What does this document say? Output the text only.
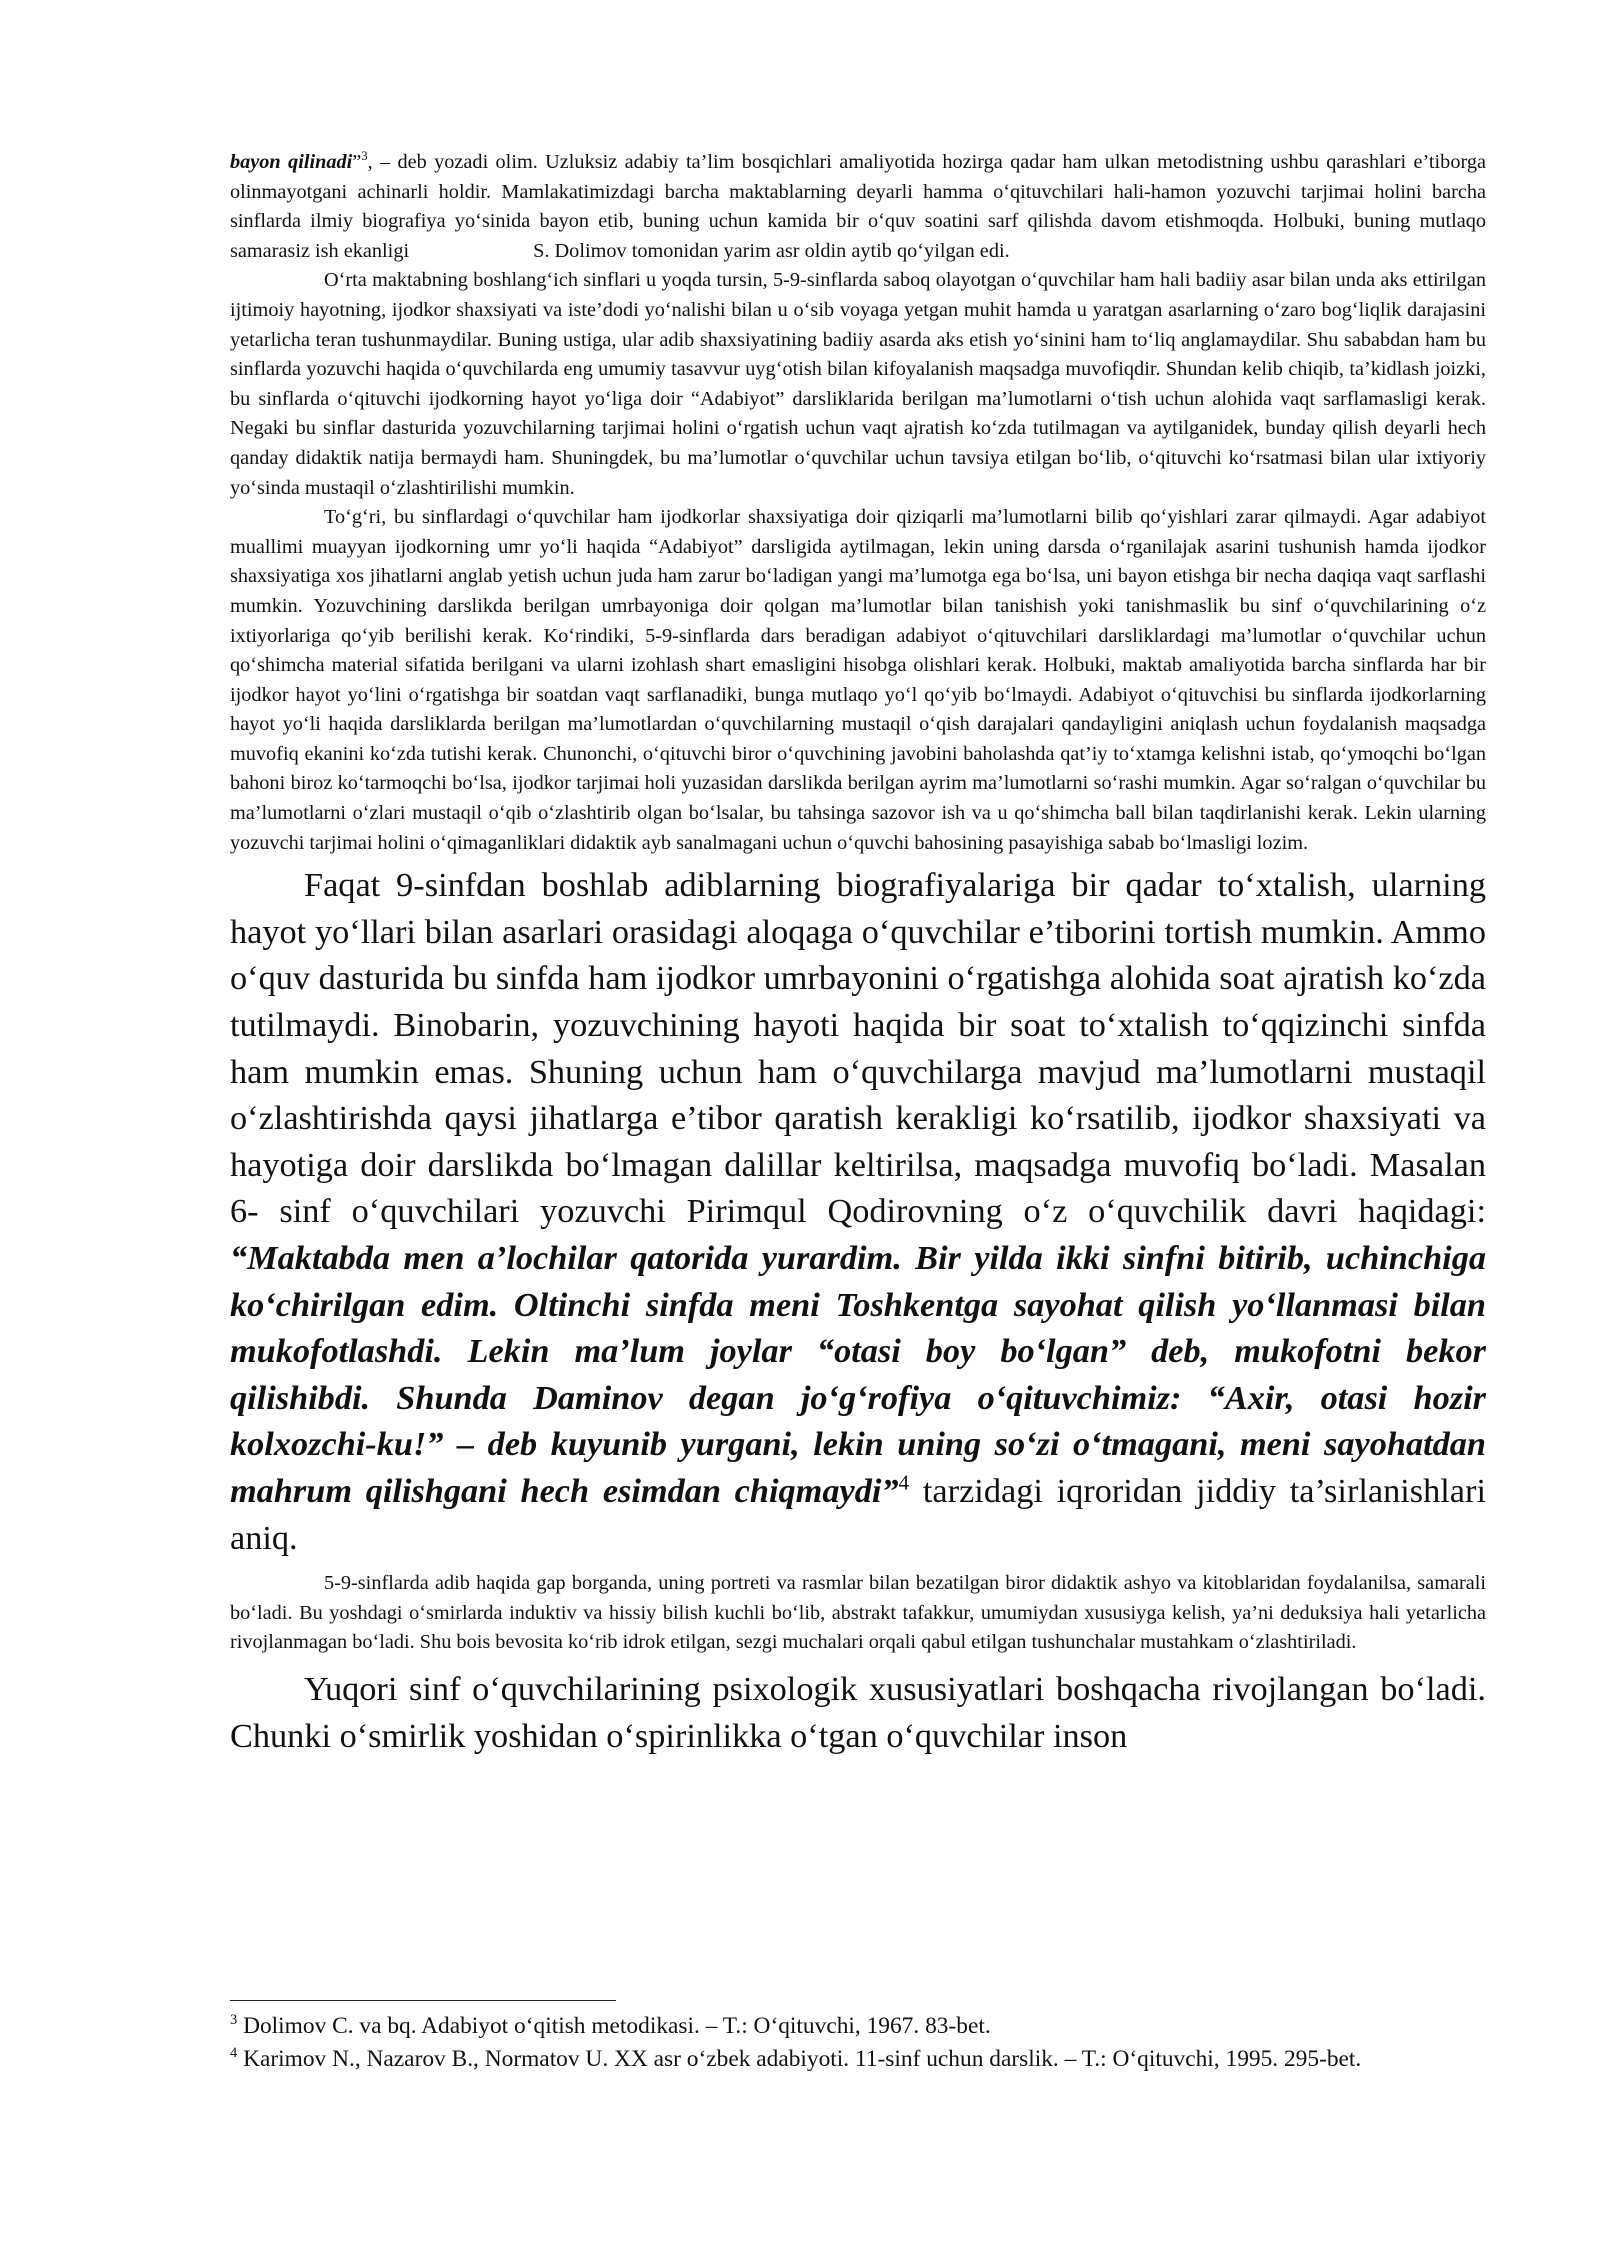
bayon qilinadi”$^3$, – deb yozadi olim. Uzluksiz adabiy ta’lim bosqichlari amaliyotida hozirga qadar ham ulkan metodistning ushbu qarashlari e’tiborga olinmayotgani achinarli holdir. Mamlakatimizdagi barcha maktablarning deyarli hamma o‘qituvchilari hali-hamon yozuvchi tarjimai holini barcha sinflarda ilmiy biografiya yo‘sinida bayon etib, buning uchun kamida bir o‘quv soatini sarf qilishda davom etishmoqda. Holbuki, buning mutlaqo samarasiz ish ekanligi	S. Dolimov tomonidan yarim asr oldin aytib qo‘yilgan edi.

O‘rta maktabning boshlang‘ich sinflari u yoqda tursin, 5-9-sinflarda saboq olayotgan o‘quvchilar ham hali badiiy asar bilan unda aks ettirilgan ijtimoiy hayotning, ijodkor shaxsiyati va iste’dodi yo‘nalishi bilan u o‘sib voyaga yetgan muhit hamda u yaratgan asarlarning o‘zaro bog‘liqlik darajasini yetarlicha teran tushunmaydilar. Buning ustiga, ular adib shaxsiyatining badiiy asarda aks etish yo‘sinini ham to‘liq anglamaydilar. Shu sababdan ham bu sinflarda yozuvchi haqida o‘quvchilarda eng umumiy tasavvur uyg‘otish bilan kifoyalanish maqsadga muvofiqdir. Shundan kelib chiqib, ta’kidlash joizki, bu sinflarda o‘qituvchi ijodkorning hayot yo‘liga doir “Adabiyot” darsliklarida berilgan ma’lumotlarni o‘tish uchun alohida vaqt sarflamasligi kerak. Negaki bu sinflar dasturida yozuvchilarning tarjimai holini o‘rgatish uchun vaqt ajratish ko‘zda tutilmagan va aytilganidek, bunday qilish deyarli hech qanday didaktik natija bermaydi ham. Shuningdek, bu ma’lumotlar o‘quvchilar uchun tavsiya etilgan bo‘lib, o‘qituvchi ko‘rsatmasi bilan ular ixtiyoriy yo‘sinda mustaqil o‘zlashtirilishi mumkin.

To‘g‘ri, bu sinflardagi o‘quvchilar ham ijodkorlar shaxsiyatiga doir qiziqarli ma’lumotlarni bilib qo‘yishlari zarar qilmaydi. Agar adabiyot muallimi muayyan ijodkorning umr yo‘li haqida “Adabiyot” darsligida aytilmagan, lekin uning darsda o‘rganilajak asarini tushunish hamda ijodkor shaxsiyatiga xos jihatlarni anglab yetish uchun juda ham zarur bo‘ladigan yangi ma’lumotga ega bo‘lsa, uni bayon etishga bir necha daqiqa vaqt sarflashi mumkin. Yozuvchining darslikda berilgan umrbayoniga doir qolgan ma’lumotlar bilan tanishish yoki tanishmaslik bu sinf o‘quvchilarining o‘z ixtiyorlariga qo‘yib berilishi kerak. Ko‘rindiki, 5-9-sinflarda dars beradigan adabiyot o‘qituvchilari darsliklardagi ma’lumotlar o‘quvchilar uchun qo‘shimcha material sifatida berilgani va ularni izohlash shart emasligini hisobga olishlari kerak. Holbuki, maktab amaliyotida barcha sinflarda har bir ijodkor hayot yo‘lini o‘rgatishga bir soatdan vaqt sarflanadiki, bunga mutlaqo yo‘l qo‘yib bo‘lmaydi. Adabiyot o‘qituvchisi bu sinflarda ijodkorlarning hayot yo‘li haqida darsliklarda berilgan ma’lumotlardan o‘quvchilarning mustaqil o‘qish darajalari qandayligini aniqlash uchun foydalanish maqsadga muvofiq ekanini ko‘zda tutishi kerak. Chunonchi, o‘qituvchi biror o‘quvchining javobini baholashda qat’iy to‘xtamga kelishni istab, qo‘ymoqchi bo‘lgan bahoni biroz ko‘tarmoqchi bo‘lsa, ijodkor tarjimai holi yuzasidan darslikda berilgan ayrim ma’lumotlarni so‘rashi mumkin. Agar so‘ralgan o‘quvchilar bu ma’lumotlarni o‘zlari mustaqil o‘qib o‘zlashtirib olgan bo‘lsalar, bu tahsinga sazovor ish va u qo‘shimcha ball bilan taqdirlanishi kerak. Lekin ularning yozuvchi tarjimai holini o‘qimaganliklari didaktik ayb sanalmagani uchun o‘quvchi bahosining pasayishiga sabab bo‘lmasligi lozim.

Faqat 9-sinfdan boshlab adiblarning biografiyalariga bir qadar to‘xtalish, ularning hayot yo‘llari bilan asarlari orasidagi aloqaga o‘quvchilar e’tiborini tortish mumkin. Ammo o‘quv dasturida bu sinfda ham ijodkor umrbayonini o‘rgatishga alohida soat ajratish ko‘zda tutilmaydi. Binobarin, yozuvchining hayoti haqida bir soat to‘xtalish to‘qqizinchi sinfda ham mumkin emas. Shuning uchun ham o‘quvchilarga mavjud ma’lumotlarni mustaqil o‘zlashtirishda qaysi jihatlarga e’tibor qaratish kerakligi ko‘rsatilib, ijodkor shaxsiyati va hayotiga doir darslikda bo‘lmagan dalillar keltirilsa, maqsadga muvofiq bo‘ladi. Masalan 6- sinf o‘quvchilari yozuvchi Pirimqul Qodirovning o‘z o‘quvchilik davri haqidagi: “Maktabda men a’lochilar qatorida yurardim. Bir yilda ikki sinfni bitirib, uchinchiga ko‘chirilgan edim. Oltinchi sinfda meni Toshkentga sayohat qilish yo‘llanmasi bilan mukofotlashdi. Lekin ma’lum joylar “otasi boy bo‘lgan” deb, mukofotni bekor qilishibdi. Shunda Daminov degan jo‘g‘rofiya o‘qituvchimiz: “Axir, otasi hozir kolxozchi-ku!” – deb kuyunib yurgani, lekin uning so‘zi o‘tmagani, meni sayohatdan mahrum qilishgani hech esimdan chiqmaydi”$^4$ tarzidagi iqroridan jiddiy ta’sirlanishlari aniq.

5-9-sinflarda adib haqida gap borganda, uning portreti va rasmlar bilan bezatilgan biror didaktik ashyo va kitoblaridan foydalanilsa, samarali bo‘ladi. Bu yoshdagi o‘smirlarda induktiv va hissiy bilish kuchli bo‘lib, abstrakt tafakkur, umumiydan xususiyga kelish, ya’ni deduksiya hali yetarlicha rivojlanmagan bo‘ladi. Shu bois bevosita ko‘rib idrok etilgan, sezgi muchalari orqali qabul etilgan tushunchalar mustahkam o‘zlashtiriladi.

Yuqori sinf o‘quvchilarining psixologik xususiyatlari boshqacha rivojlangan bo‘ladi. Chunki o‘smirlik yoshidan o‘spirinlikka o‘tgan o‘quvchilar inson

$^3$ Dolimov C. va bq. Adabiyot o‘qitish metodikasi. – T.: O‘qituvchi, 1967. 83-bet.

$^4$ Karimov N., Nazarov B., Normatov U. XX asr o‘zbek adabiyoti. 11-sinf uchun darslik. – T.: O‘qituvchi, 1995. 295-bet.
